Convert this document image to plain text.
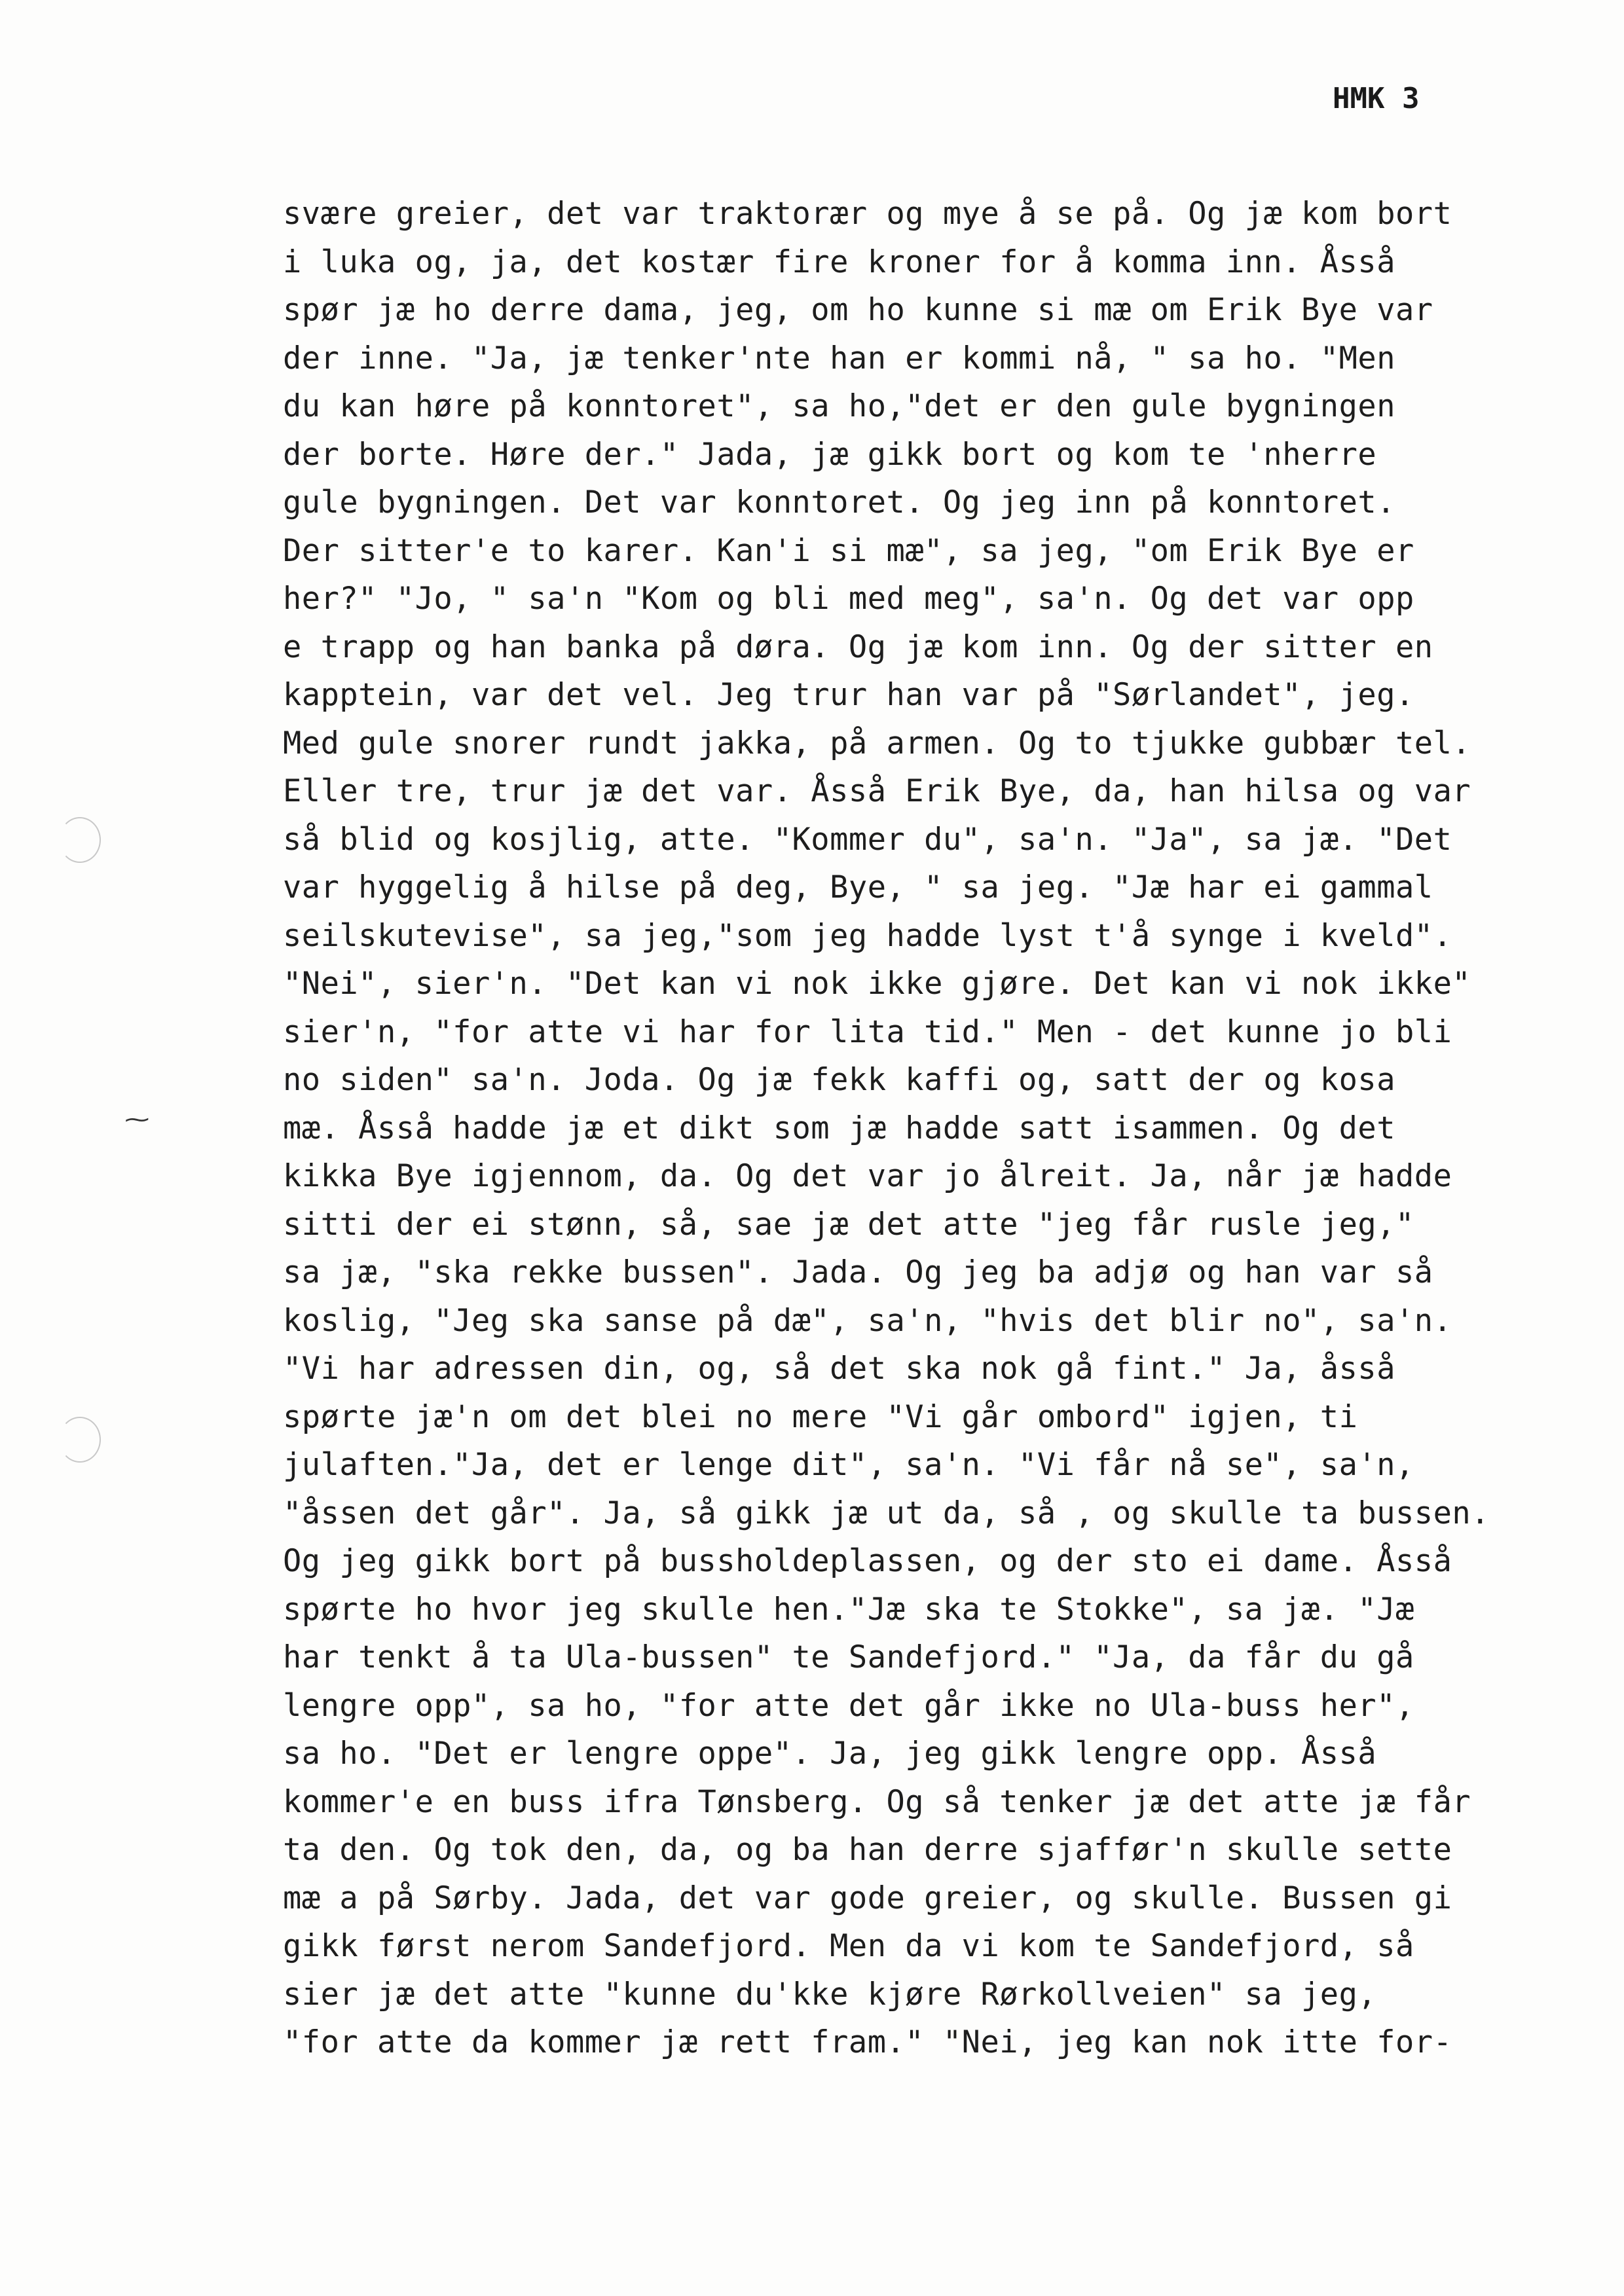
HMK 3
~
svære greier, det var traktorær og mye å se på. Og jæ kom bort
i luka og, ja, det kostær fire kroner for å komma inn. Åsså
spør jæ ho derre dama, jeg, om ho kunne si mæ om Erik Bye var
der inne. "Ja, jæ tenker'nte han er kommi nå, " sa ho. "Men
du kan høre på konntoret", sa ho,"det er den gule bygningen
der borte. Høre der." Jada, jæ gikk bort og kom te 'nherre
gule bygningen. Det var konntoret. Og jeg inn på konntoret.
Der sitter'e to karer. Kan'i si mæ", sa jeg, "om Erik Bye er
her?" "Jo, " sa'n "Kom og bli med meg", sa'n. Og det var opp
e trapp og han banka på døra. Og jæ kom inn. Og der sitter en
kapptein, var det vel. Jeg trur han var på "Sørlandet", jeg.
Med gule snorer rundt jakka, på armen. Og to tjukke gubbær tel.
Eller tre, trur jæ det var. Åsså Erik Bye, da, han hilsa og var
så blid og kosjlig, atte. "Kommer du", sa'n. "Ja", sa jæ. "Det
var hyggelig å hilse på deg, Bye, " sa jeg. "Jæ har ei gammal
seilskutevise", sa jeg,"som jeg hadde lyst t'å synge i kveld".
"Nei", sier'n. "Det kan vi nok ikke gjøre. Det kan vi nok ikke"
sier'n, "for atte vi har for lita tid." Men - det kunne jo bli
no siden" sa'n. Joda. Og jæ fekk kaffi og, satt der og kosa
mæ. Åsså hadde jæ et dikt som jæ hadde satt isammen. Og det
kikka Bye igjennom, da. Og det var jo ålreit. Ja, når jæ hadde
sitti der ei stønn, så, sae jæ det atte "jeg får rusle jeg,"
sa jæ, "ska rekke bussen". Jada. Og jeg ba adjø og han var så
koslig, "Jeg ska sanse på dæ", sa'n, "hvis det blir no", sa'n.
"Vi har adressen din, og, så det ska nok gå fint." Ja, åsså
spørte jæ'n om det blei no mere "Vi går ombord" igjen, ti
julaften."Ja, det er lenge dit", sa'n. "Vi får nå se", sa'n,
"åssen det går". Ja, så gikk jæ ut da, så , og skulle ta bussen.
Og jeg gikk bort på bussholdeplassen, og der sto ei dame. Åsså
spørte ho hvor jeg skulle hen."Jæ ska te Stokke", sa jæ. "Jæ
har tenkt å ta Ula-bussen" te Sandefjord." "Ja, da får du gå
lengre opp", sa ho, "for atte det går ikke no Ula-buss her",
sa ho. "Det er lengre oppe". Ja, jeg gikk lengre opp. Åsså
kommer'e en buss ifra Tønsberg. Og så tenker jæ det atte jæ får
ta den. Og tok den, da, og ba han derre sjaffør'n skulle sette
mæ a på Sørby. Jada, det var gode greier, og skulle. Bussen gi
gikk først nerom Sandefjord. Men da vi kom te Sandefjord, så
sier jæ det atte "kunne du'kke kjøre Rørkollveien" sa jeg,
"for atte da kommer jæ rett fram." "Nei, jeg kan nok itte for-
